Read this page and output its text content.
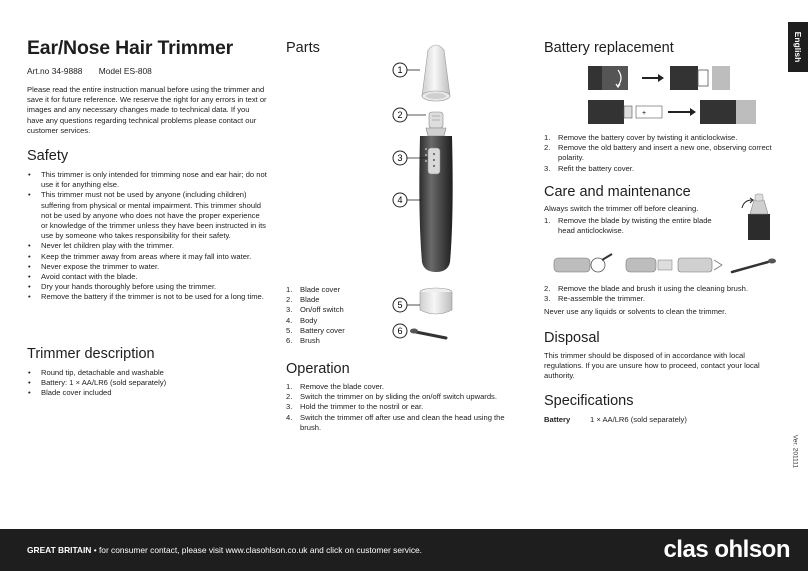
Ear/Nose Hair Trimmer
Art.no 34-9888 Model ES-808
Please read the entire instruction manual before using the trimmer and save it for future reference. We reserve the right for any errors in text or images and any necessary changes made to technical data. If you have any questions regarding technical problems please contact our customer services.
Safety
• This trimmer is only intended for trimming nose and ear hair; do not use it for anything else.
• This trimmer must not be used by anyone (including children) suffering from physical or mental impairment. This trimmer should not be used by anyone who does not have the proper experience or knowledge of the trimmer unless they have been instructed in its use by someone who takes responsibility for their safety.
• Never let children play with the trimmer.
• Keep the trimmer away from areas where it may fall into water.
• Never expose the trimmer to water.
• Avoid contact with the blade.
• Dry your hands thoroughly before using the trimmer.
• Remove the battery if the trimmer is not to be used for a long time.
Trimmer description
• Round tip, detachable and washable
• Battery: 1 × AA/LR6 (sold separately)
• Blade cover included
Parts
1
2
3
4
5
6
1. Blade cover
2. Blade
3. On/off switch
4. Body
5. Battery cover
6. Brush
Operation
1. Remove the blade cover.
2. Switch the trimmer on by sliding the on/off switch upwards.
3. Hold the trimmer to the nostril or ear.
4. Switch the trimmer off after use and clean the head using the brush.
Battery replacement
+
1. Remove the battery cover by twisting it anticlockwise.
2. Remove the old battery and insert a new one, observing correct polarity.
3. Refit the battery cover.
Care and maintenance
Always switch the trimmer off before cleaning.
1. Remove the blade by twisting the entire blade head anticlockwise.
2. Remove the blade and brush it using the cleaning brush.
3. Re-assemble the trimmer.
Never use any liquids or solvents to clean the trimmer.
Disposal
This trimmer should be disposed of in accordance with local regulations. If you are unsure how to proceed, contact your local authority.
Specifications
Battery	1 × AA/LR6 (sold separately)
English
Ver. 201111
GREAT BRITAIN • for consumer contact, please visit www.clasohlson.co.uk and click on customer service.	clas ohlson
